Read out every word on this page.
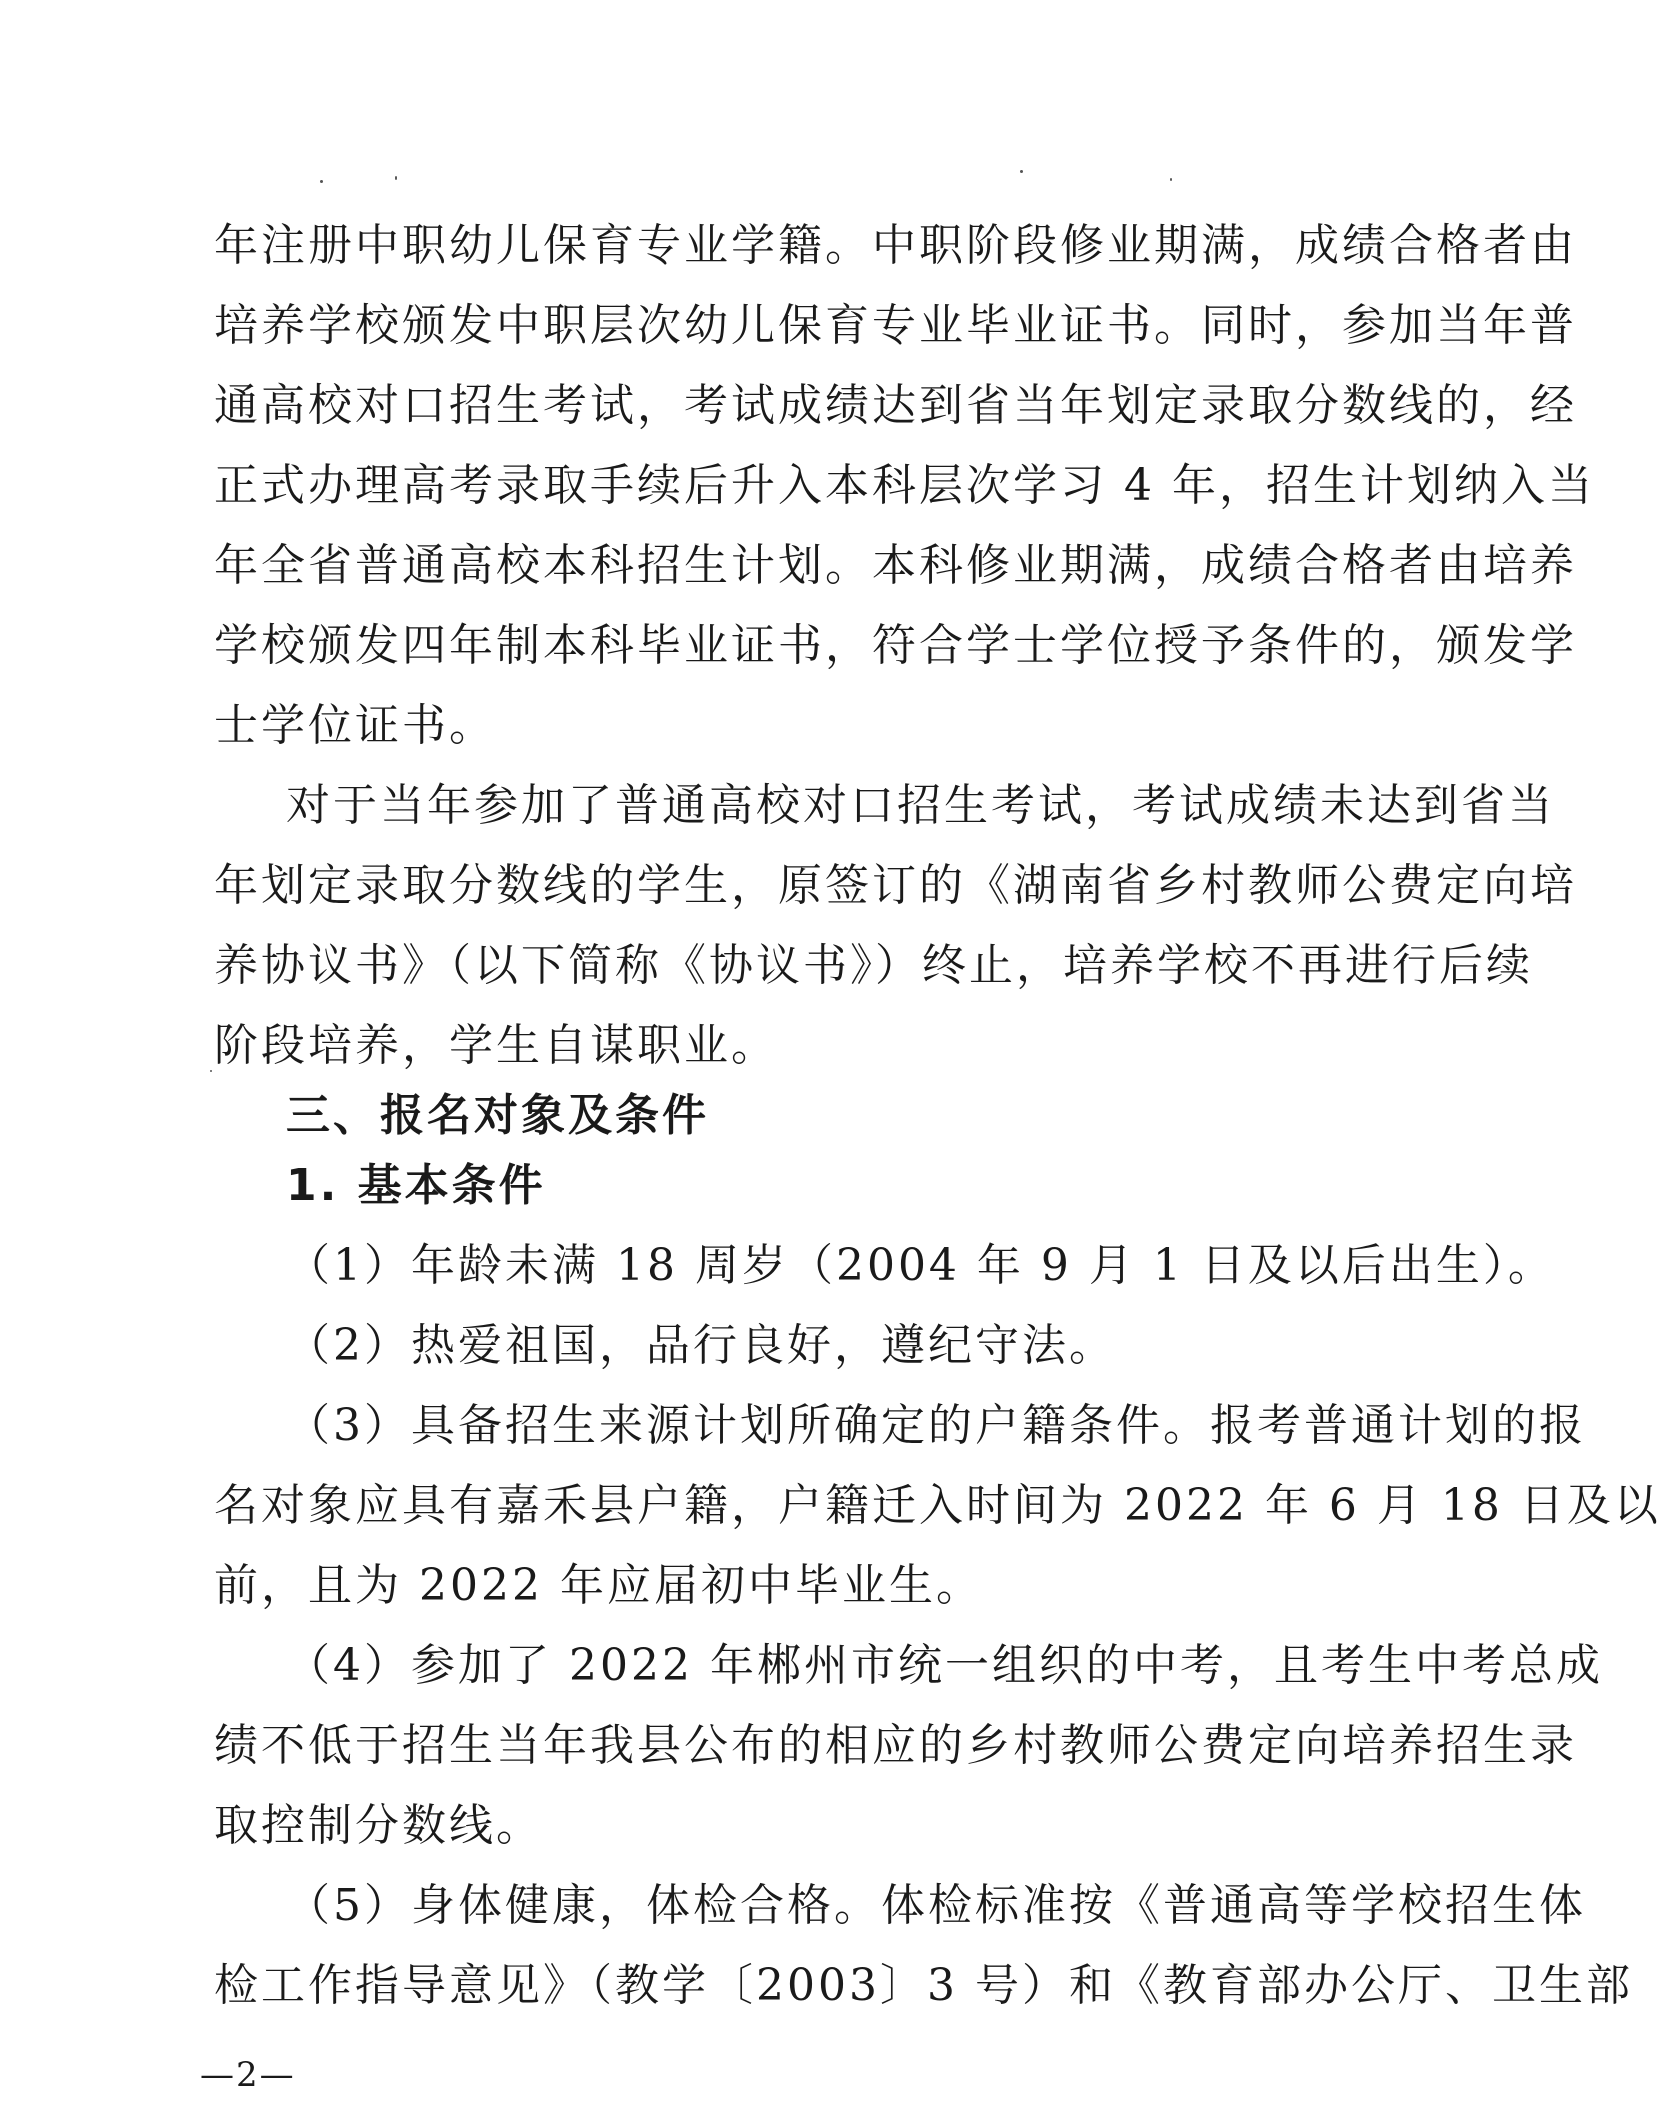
年注册中职幼儿保育专业学籍。中职阶段修业期满，成绩合格者由
培养学校颁发中职层次幼儿保育专业毕业证书。同时，参加当年普
通高校对口招生考试，考试成绩达到省当年划定录取分数线的，经
正式办理高考录取手续后升入本科层次学习 4 年，招生计划纳入当
年全省普通高校本科招生计划。本科修业期满，成绩合格者由培养
学校颁发四年制本科毕业证书，符合学士学位授予条件的，颁发学
士学位证书。
对于当年参加了普通高校对口招生考试，考试成绩未达到省当
年划定录取分数线的学生，原签订的《湖南省乡村教师公费定向培
养协议书》（以下简称《协议书》）终止，培养学校不再进行后续
阶段培养，学生自谋职业。
三、报名对象及条件
1. 基本条件
（1）年龄未满 18 周岁（2004 年 9 月 1 日及以后出生）。
（2）热爱祖国，品行良好，遵纪守法。
（3）具备招生来源计划所确定的户籍条件。报考普通计划的报
名对象应具有嘉禾县户籍，户籍迁入时间为 2022 年 6 月 18 日及以
前，且为 2022 年应届初中毕业生。
（4）参加了 2022 年郴州市统一组织的中考，且考生中考总成
绩不低于招生当年我县公布的相应的乡村教师公费定向培养招生录
取控制分数线。
（5）身体健康，体检合格。体检标准按《普通高等学校招生体
检工作指导意见》（教学〔2003〕3 号）和《教育部办公厅、卫生部
—2—
